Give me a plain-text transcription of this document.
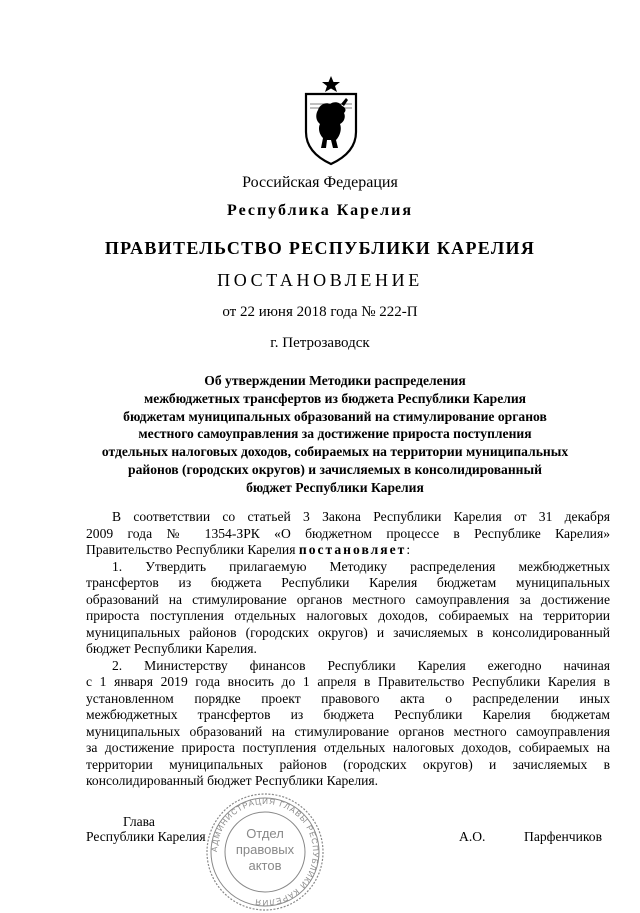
Российская Федерация
Республика Карелия
ПРАВИТЕЛЬСТВО РЕСПУБЛИКИ КАРЕЛИЯ
ПОСТАНОВЛЕНИЕ
от 22 июня 2018 года № 222-П
г. Петрозаводск
Об утверждении Методики распределения
межбюджетных трансфертов из бюджета Республики Карелия
бюджетам муниципальных образований на стимулирование органов
местного самоуправления за достижение прироста поступления
отдельных налоговых доходов, собираемых на территории муниципальных
районов (городских округов) и зачисляемых в консолидированный
бюджет Республики Карелия
В соответствии со статьей 3 Закона Республики Карелия от 31 декабря
2009 года № 1354-ЗРК «О бюджетном процессе в Республике Карелия»
Правительство Республики Карелия постановляет:
1. Утвердить прилагаемую Методику распределения межбюджетных
трансфертов из бюджета Республики Карелия бюджетам муниципальных
образований на стимулирование органов местного самоуправления за достижение
прироста поступления отдельных налоговых доходов, собираемых на территории
муниципальных районов (городских округов) и зачисляемых в консолидированный
бюджет Республики Карелия.
2. Министерству финансов Республики Карелия ежегодно начиная
с 1 января 2019 года вносить до 1 апреля в Правительство Республики Карелия в
установленном порядке проект правового акта о распределении иных
межбюджетных трансфертов из бюджета Республики Карелия бюджетам
муниципальных образований на стимулирование органов местного самоуправления
за достижение прироста поступления отдельных налоговых доходов, собираемых на
территории муниципальных районов (городских округов) и зачисляемых в
консолидированный бюджет Республики Карелия.
АДМИНИСТРАЦИЯ ГЛАВЫ РЕСПУБЛИКИ КАРЕЛИЯ
Отдел
правовых
актов
Глава
Республики Карелия	А.О.	Парфенчиков
